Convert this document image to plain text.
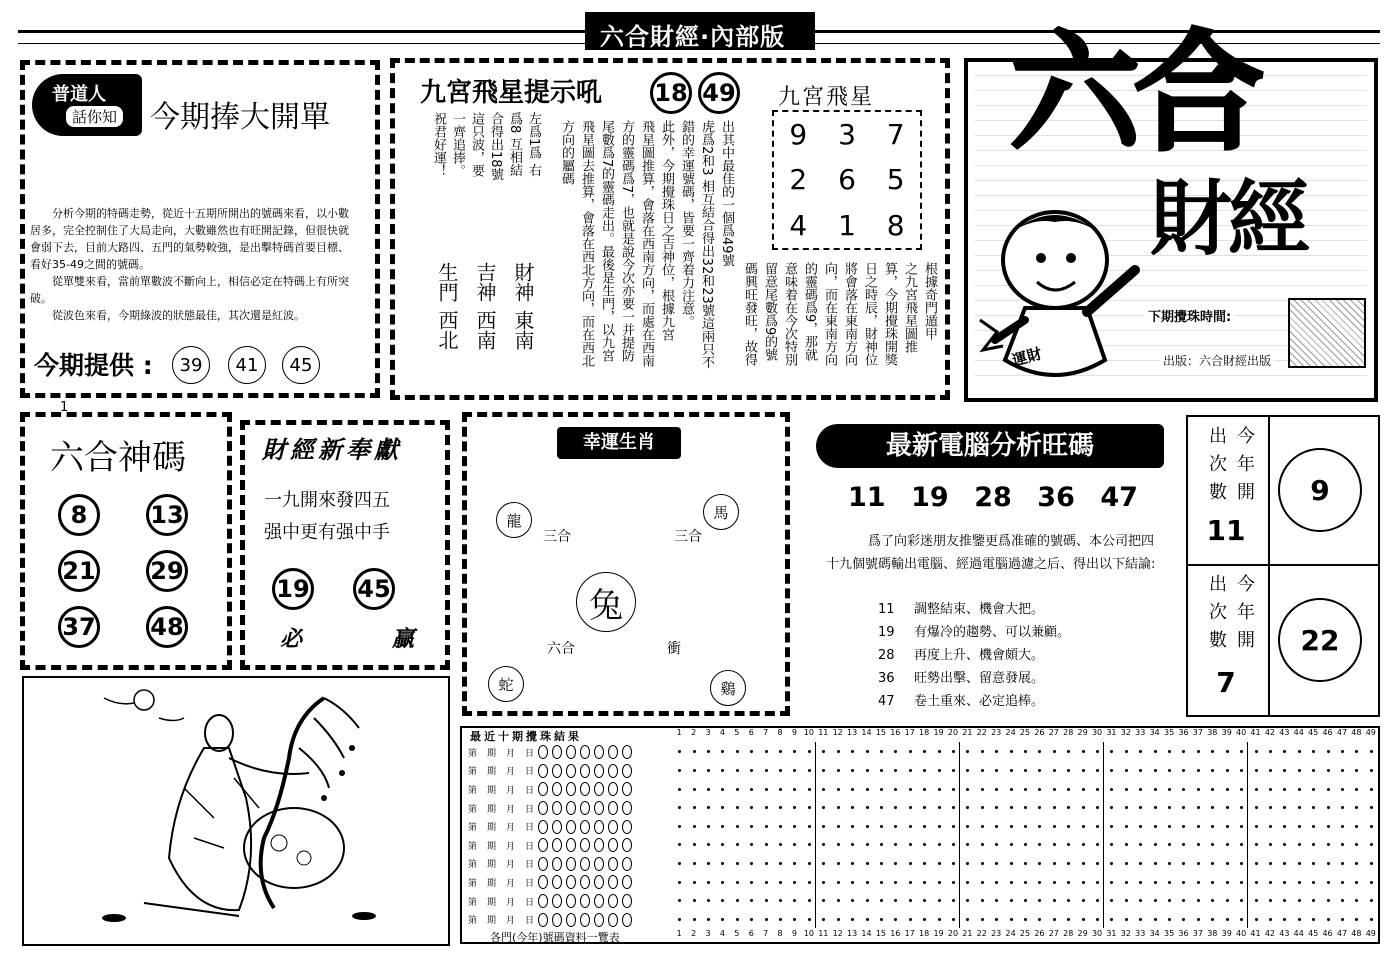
六合財經·內部版
普道人
話你知 今期捧大開單
分析今期的特碼走勢，從近十五期所開出的號碼來看，以小數居多，完全控制住了大局走向，大數雖然也有旺開記錄，但很快就會弱下去，目前大路四、五門的氣勢較強，是出擊特碼首要目標、看好35-49之間的號碼。
從單雙來看，當前單數波不斷向上，相信必定在特碼上有所突破。
從波色來看，今期綠波的狀態最佳，其次還是紅波。
今期提供 :	39	41	45
左爲1爲 右
爲8 互相結
合得出18號
這只波，要
一齊追捧。
祝君好運！
九宮飛星提示吼 18 49
出其中最佳的一個爲49號
虎爲2和3 相互結合得出32和23號這兩只不
錯的幸運號碼，皆要一齊着力注意。
此外，今期攪珠日之吉神位，根據九宮
飛星圖推算，會落在西南方向，而處在西南
方的靈碼爲7，也就是說今次亦要一并提防
尾數爲7的靈碼走出。最後是生門，以九宮
飛星圖去推算，會落在西北方向，而在西北
方向的屬碼
財神
東南
吉神
西南
生門
西北
九宮飛星
9	3	7
2	6	5
4	1	8
根據奇門遁甲
之九宮飛星圖推
算，今期攪珠開獎
日之時辰，財神位
將會落在東南方向
向，而在東南方向
的靈碼爲9，那就
意味着在今次特別
留意尾數爲9的號
碼興旺發旺，故得
六合
財經
下期攪珠時間:
出版：六合財經出版
運財
1
六合神碼
8	13
21 29
37 48
財經新奉獻
一九開來發四五
强中更有强中手
19 45
必	贏
幸運生肖
兔
龍	馬
蛇	鷄
三合	三合
六合	衝
最新電腦分析旺碼
11 19 28 36 47
爲了向彩迷朋友推鑒更爲准確的號碼、本公司把四十九個號碼輸出電腦、經過電腦過濾之后、得出以下結論:
11 調整結束、機會大把。
19 有爆冷的趨勢、可以兼顧。
28 再度上升、機會頗大。
36 旺勢出擊、留意發展。
47 卷土重來、必定追棒。
今年開
出次數
11
9
今年開
出次數
7
22
最近十期攪珠結果
各門(今年)號碼資料一覽表
第 期 月 日
第 期 月 日
第 期 月 日
第 期 月 日
第 期 月 日
第 期 月 日
第 期 月 日
第 期 月 日
第 期 月 日
第 期 月 日
1	2	3	4	5	6	7	8	9 10 11 12 13 14 15 16 17 18 19 20 21 22 23 24 25 26 27 28 29 30 31 32 33 34 35 36 37 38 39 40 41 42 43 44 45 46 47 48 49
1	2	3	4	5	6	7	8	9 10 11 12 13 14 15 16 17 18 19 20 21 22 23 24 25 26 27 28 29 30 31 32 33 34 35 36 37 38 39 40 41 42 43 44 45 46 47 48 49
